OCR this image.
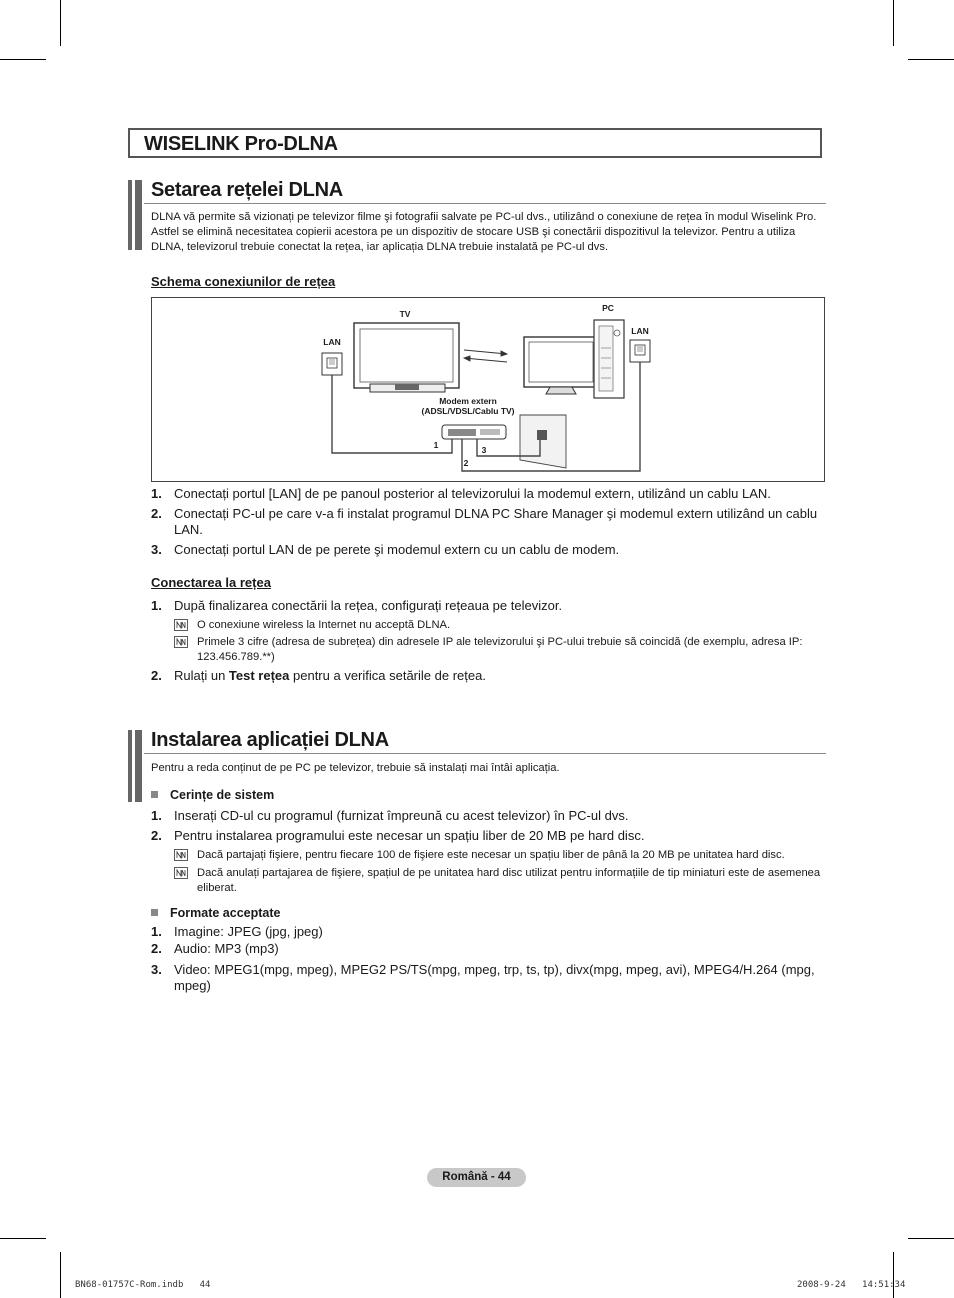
WISELINK Pro-DLNA
Setarea rețelei DLNA

DLNA vă permite să vizionați pe televizor filme şi fotografii salvate pe PC-ul dvs., utilizând o conexiune de rețea în modul Wiselink Pro. Astfel se elimină necesitatea copierii acestora pe un dispozitiv de stocare USB şi conectării dispozitivul la televizor. Pentru a utiliza DLNA, televizorul trebuie conectat la rețea, iar aplicația DLNA trebuie instalată pe PC-ul dvs.

Schema conexiunilor de rețea
TV
PC
LAN
LAN
Modem extern
(ADSL/VDSL/Cablu TV)
1	3
2
1. Conectați portul [LAN] de pe panoul posterior al televizorului la modemul extern, utilizând un cablu LAN.
2. Conectați PC-ul pe care v-a fi instalat programul DLNA PC Share Manager şi modemul extern utilizând un cablu LAN.
3. Conectați portul LAN de pe perete şi modemul extern cu un cablu de modem.
Conectarea la rețea
1. După finalizarea conectării la rețea, configurați rețeaua pe televizor.
O conexiune wireless la Internet nu acceptă DLNA.
Primele 3 cifre (adresa de subrețea) din adresele IP ale televizorului şi PC-ului trebuie să coincidă (de exemplu, adresa IP: 123.456.789.**)
2. Rulați un Test rețea pentru a verifica setările de rețea.
Instalarea aplicației DLNA

Pentru a reda conținut de pe PC pe televizor, trebuie să instalați mai întâi aplicația.

Cerințe de sistem
1. Inserați CD-ul cu programul (furnizat împreună cu acest televizor) în PC-ul dvs.
2. Pentru instalarea programului este necesar un spațiu liber de 20 MB pe hard disc.
Dacă partajați fişiere, pentru fiecare 100 de fişiere este necesar un spațiu liber de până la 20 MB pe unitatea hard disc.
Dacă anulați partajarea de fişiere, spațiul de pe unitatea hard disc utilizat pentru informațiile de tip miniaturi este de asemenea eliberat.
Formate acceptate
1. Imagine: JPEG (jpg, jpeg)
2. Audio: MP3 (mp3)
3. Video: MPEG1(mpg, mpeg), MPEG2 PS/TS(mpg, mpeg, trp, ts, tp), divx(mpg, mpeg, avi), MPEG4/H.264 (mpg, mpeg)
Română - 44
BN68-01757C-Rom.indb   44	2008-9-24   14:51:34
